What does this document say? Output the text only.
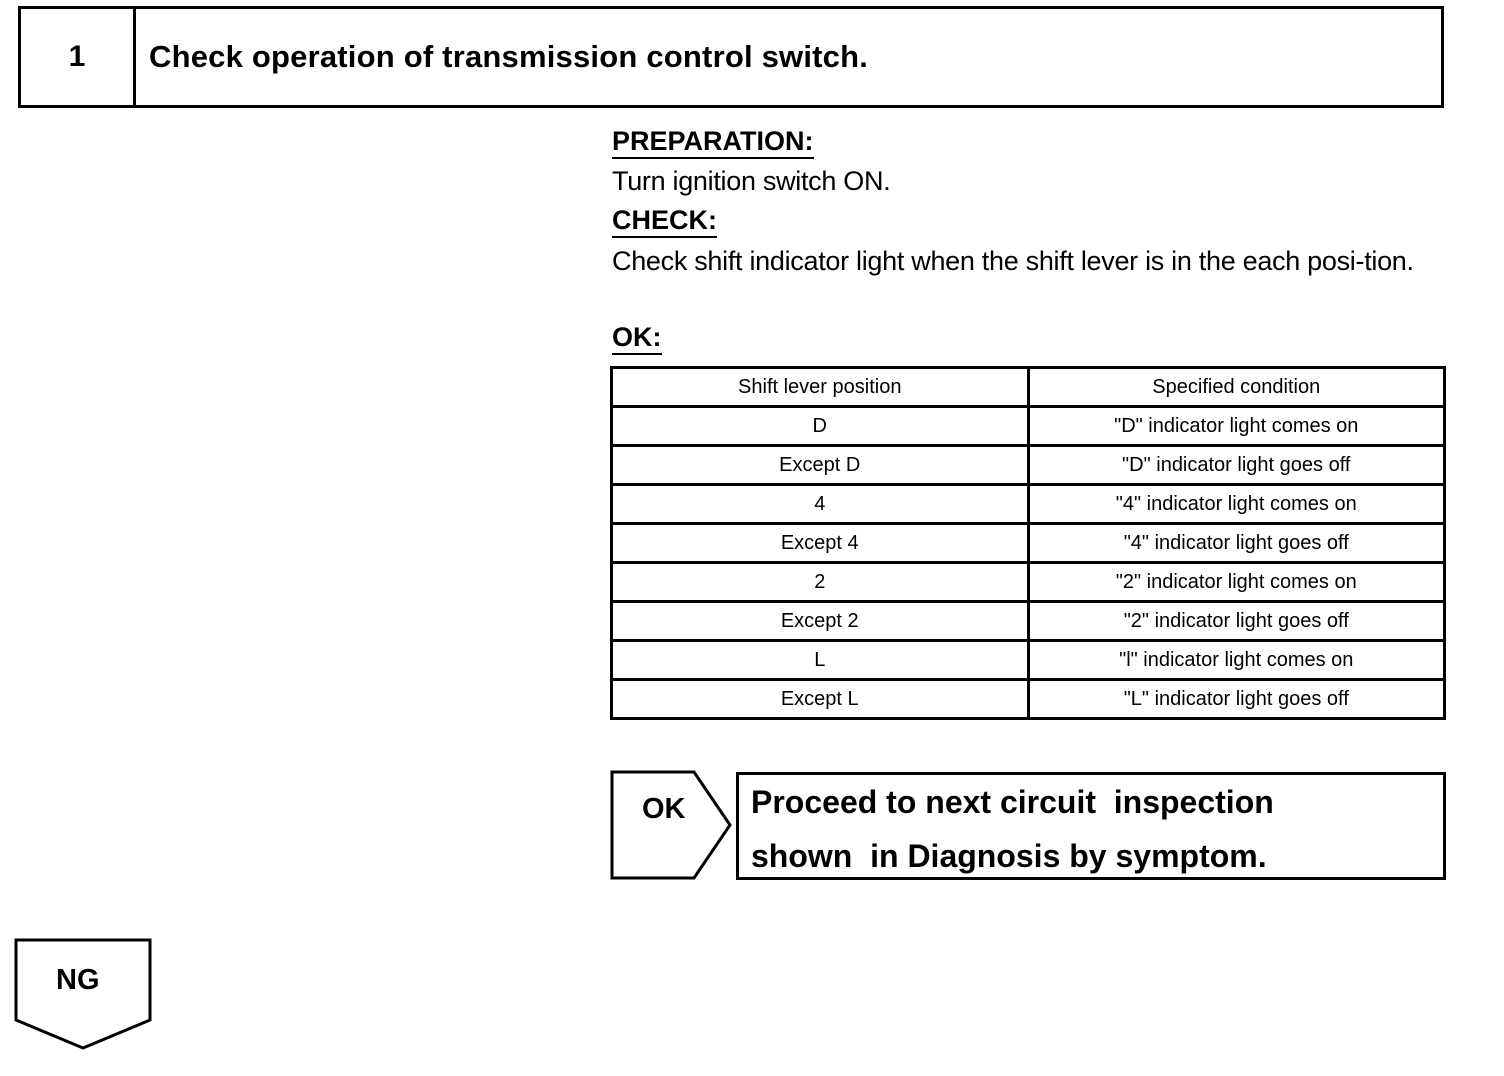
1	Check operation of transmission control switch.
PREPARATION:
Turn ignition switch ON.
CHECK:
Check shift indicator light when the shift lever is in the each posi-tion.
OK:
Shift lever position	Specified condition
D	"D" indicator light comes on
Except D	"D" indicator light goes off
4	"4" indicator light comes on
Except 4	"4" indicator light goes off
2	"2" indicator light comes on
Except 2	"2" indicator light goes off
L	"l" indicator light comes on
Except L	"L" indicator light goes off
OK Proceed to next circuit  inspection
shown  in Diagnosis by symptom.
NG
